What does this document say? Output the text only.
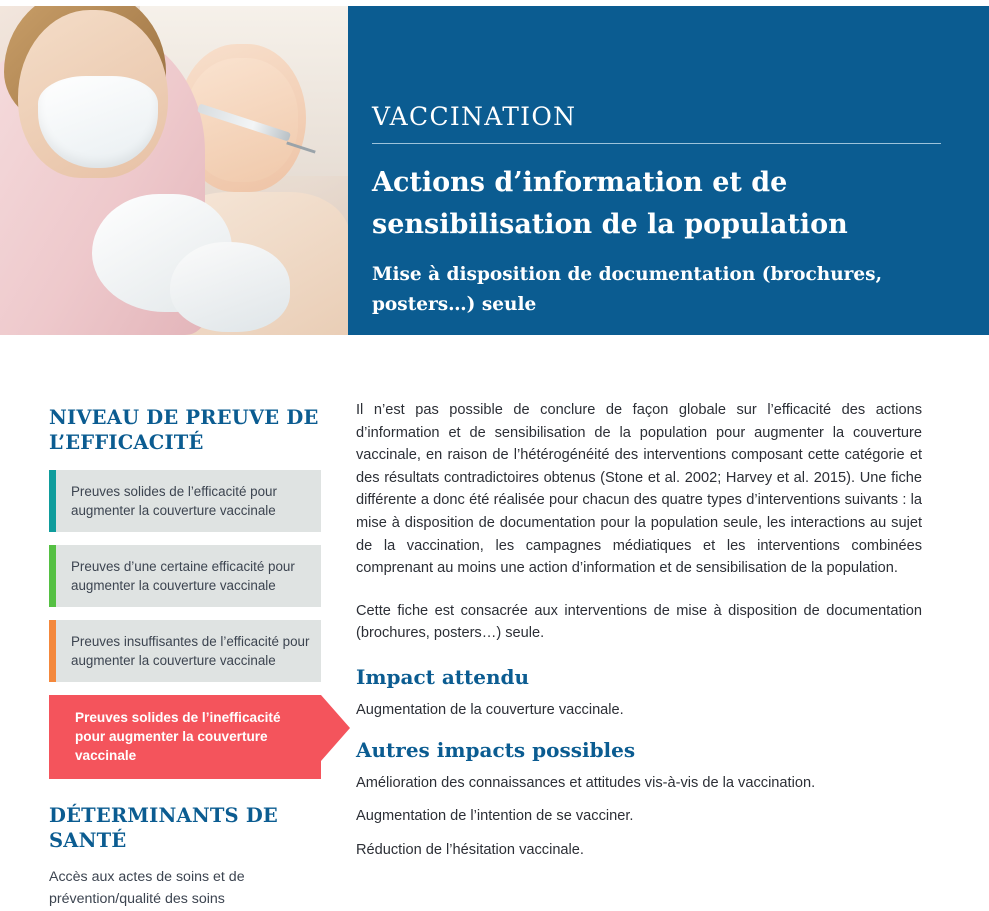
VACCINATION
Actions d’information et de sensibilisation de la population
Mise à disposition de documentation (brochures, posters…) seule
NIVEAU DE PREUVE DE L’EFFICACITÉ
Preuves solides de l’efficacité pour augmenter la couverture vaccinale
Preuves d’une certaine efficacité pour augmenter la couverture vaccinale
Preuves insuffisantes de l’efficacité pour augmenter la couverture vaccinale
Preuves solides de l’inefficacité pour augmenter la couverture vaccinale
DÉTERMINANTS DE SANTÉ

Accès aux actes de soins et de prévention/qualité des soins

Il n’est pas possible de conclure de façon globale sur l’efficacité des actions d’information et de sensibilisation de la population pour augmenter la couverture vaccinale, en raison de l’hétérogénéité des interventions composant cette catégorie et des résultats contradictoires obtenus (Stone et al. 2002; Harvey et al. 2015). Une fiche différente a donc été réalisée pour chacun des quatre types d’interventions suivants : la mise à disposition de documentation pour la population seule, les interactions au sujet de la vaccination, les campagnes médiatiques et les interventions combinées comprenant au moins une action d’information et de sensibilisation de la population.

Cette fiche est consacrée aux interventions de mise à disposition de documentation (brochures, posters…) seule.

Impact attendu

Augmentation de la couverture vaccinale.

Autres impacts possibles

Amélioration des connaissances et attitudes vis-à-vis de la vaccination.

Augmentation de l’intention de se vacciner.

Réduction de l’hésitation vaccinale.
